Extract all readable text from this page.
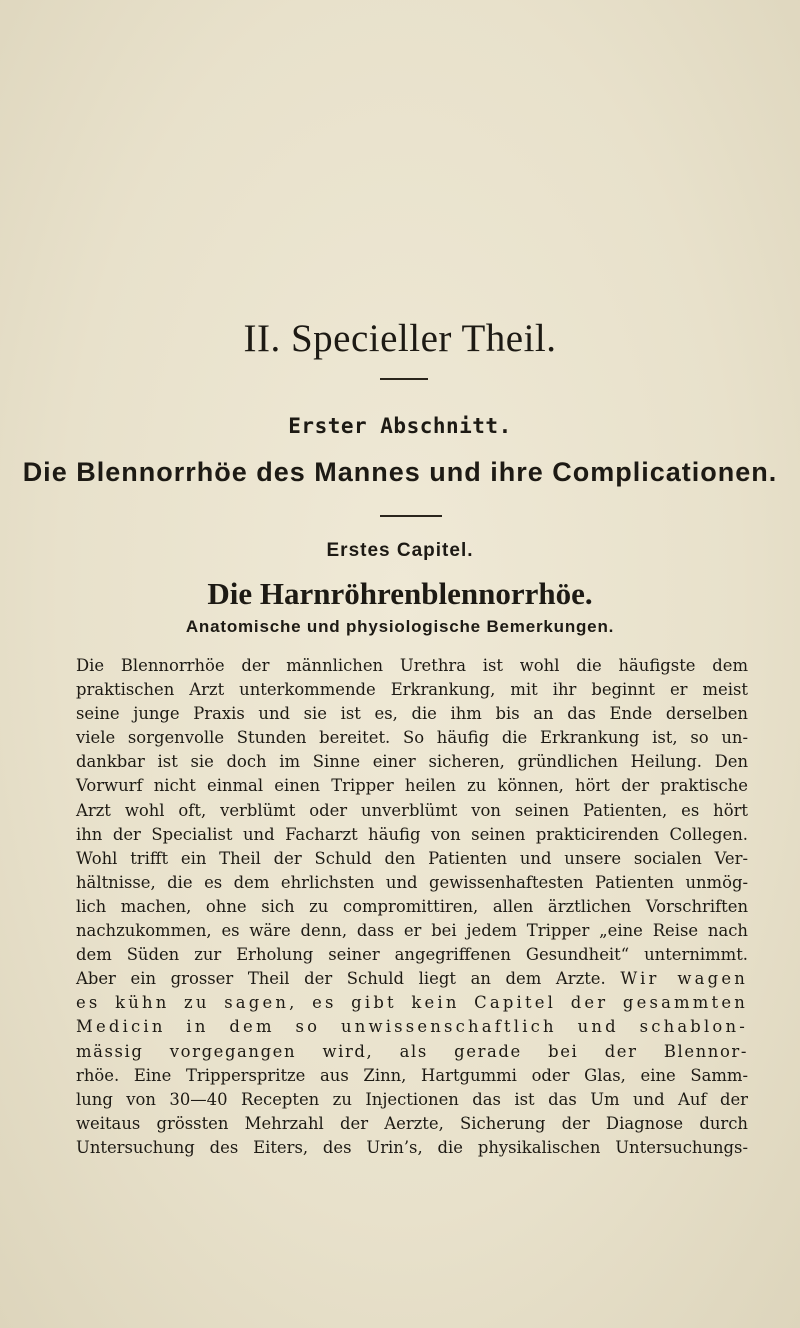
II. Specieller Theil.
Erster Abschnitt.
Die Blennorrhöe des Mannes und ihre Complicationen.
Erstes Capitel.
Die Harnröhrenblennorrhöe.
Anatomische und physiologische Bemerkungen.
Die Blennorrhöe der männlichen Urethra ist wohl die häufigste dem
praktischen Arzt unterkommende Erkrankung, mit ihr beginnt er meist
seine junge Praxis und sie ist es, die ihm bis an das Ende derselben
viele sorgenvolle Stunden bereitet. So häufig die Erkrankung ist, so un-
dankbar ist sie doch im Sinne einer sicheren, gründlichen Heilung. Den
Vorwurf nicht einmal einen Tripper heilen zu können, hört der praktische
Arzt wohl oft, verblümt oder unverblümt von seinen Patienten, es hört
ihn der Specialist und Facharzt häufig von seinen prakticirenden Collegen.
Wohl trifft ein Theil der Schuld den Patienten und unsere socialen Ver-
hältnisse, die es dem ehrlichsten und gewissenhaftesten Patienten unmög-
lich machen, ohne sich zu compromittiren, allen ärztlichen Vorschriften
nachzukommen, es wäre denn, dass er bei jedem Tripper „eine Reise nach
dem Süden zur Erholung seiner angegriffenen Gesundheit“ unternimmt.
Aber ein grosser Theil der Schuld liegt an dem Arzte. Wir wagen
es kühn zu sagen, es gibt kein Capitel der gesammten
Medicin in dem so unwissenschaftlich und schablon-
mässig vorgegangen wird, als gerade bei der Blennor-
rhöe. Eine Tripperspritze aus Zinn, Hartgummi oder Glas, eine Samm-
lung von 30—40 Recepten zu Injectionen das ist das Um und Auf der
weitaus grössten Mehrzahl der Aerzte, Sicherung der Diagnose durch
Untersuchung des Eiters, des Urin’s, die physikalischen Untersuchungs-
